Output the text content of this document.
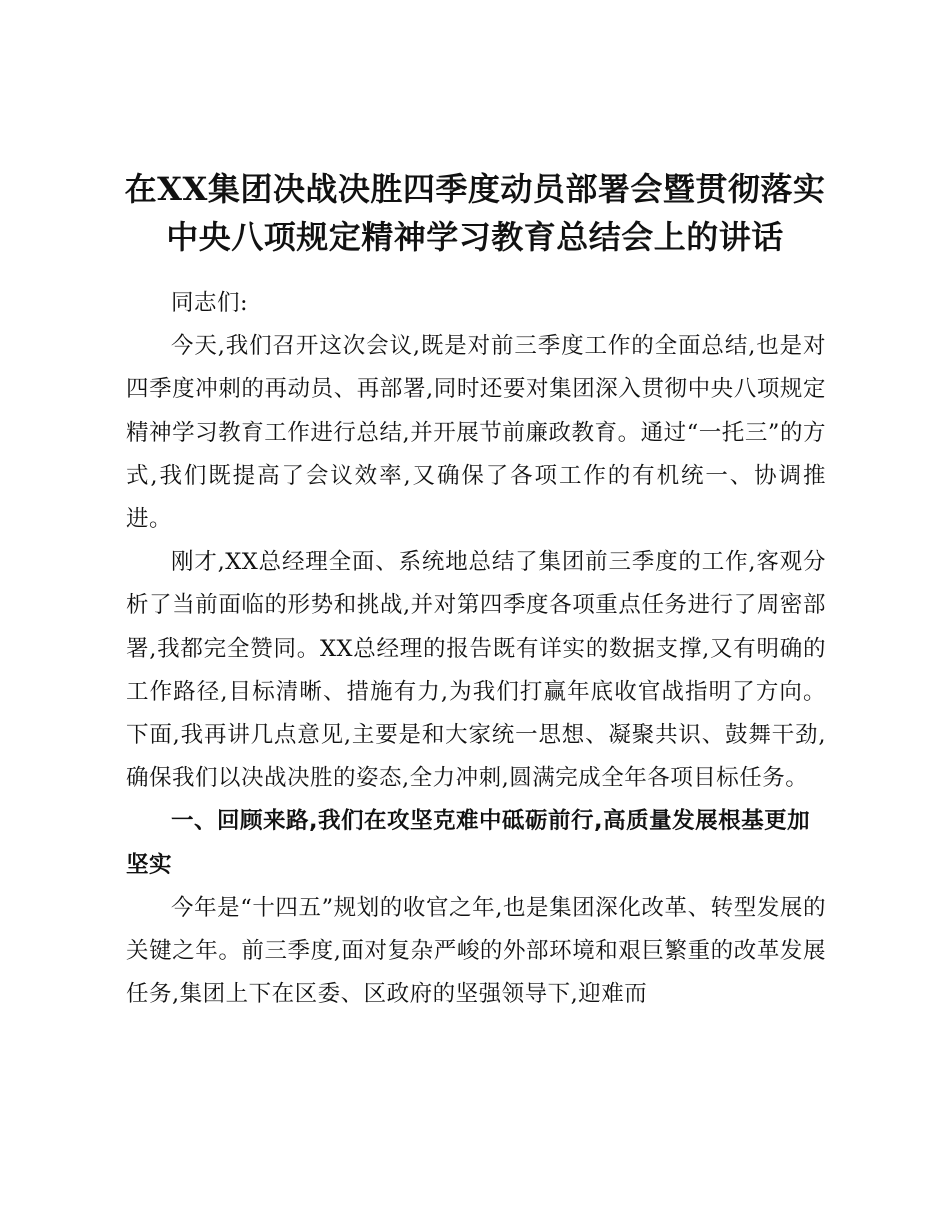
在XX集团决战决胜四季度动员部署会暨贯彻落实中央八项规定精神学习教育总结会上的讲话

同志们:

今天,我们召开这次会议,既是对前三季度工作的全面总结,也是对四季度冲刺的再动员、再部署,同时还要对集团深入贯彻中央八项规定精神学习教育工作进行总结,并开展节前廉政教育。通过“一托三”的方式,我们既提高了会议效率,又确保了各项工作的有机统一、协调推进。

刚才,XX总经理全面、系统地总结了集团前三季度的工作,客观分析了当前面临的形势和挑战,并对第四季度各项重点任务进行了周密部署,我都完全赞同。XX总经理的报告既有详实的数据支撑,又有明确的工作路径,目标清晰、措施有力,为我们打赢年底收官战指明了方向。下面,我再讲几点意见,主要是和大家统一思想、凝聚共识、鼓舞干劲,确保我们以决战决胜的姿态,全力冲刺,圆满完成全年各项目标任务。

一、回顾来路,我们在攻坚克难中砥砺前行,高质量发展根基更加坚实

今年是“十四五”规划的收官之年,也是集团深化改革、转型发展的关键之年。前三季度,面对复杂严峻的外部环境和艰巨繁重的改革发展任务,集团上下在区委、区政府的坚强领导下,迎难而
